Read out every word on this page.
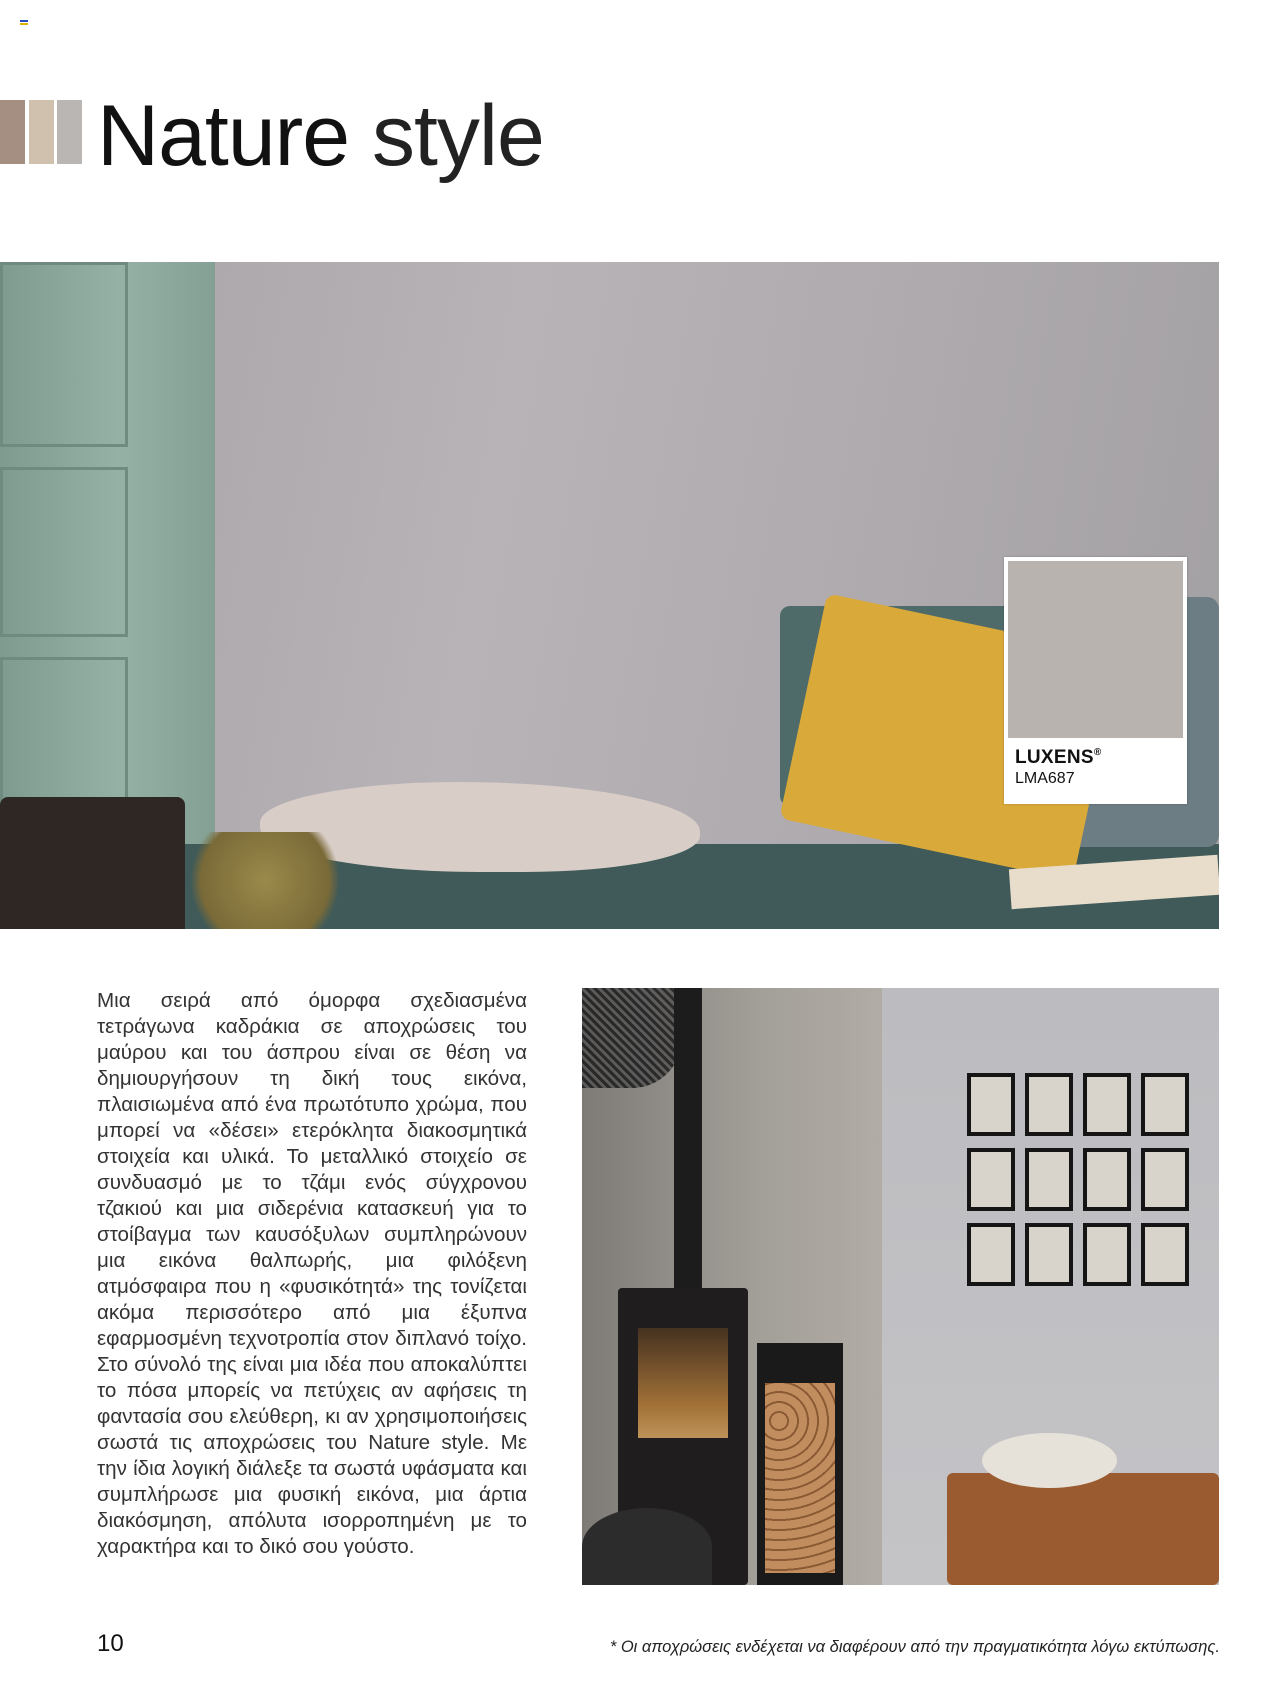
Nature style
LUXENS®
LMA687
Μια σειρά από όμορφα σχεδιασμένα τετράγωνα καδράκια σε αποχρώσεις του μαύρου και του άσπρου είναι σε θέση να δημιουργήσουν τη δική τους εικόνα, πλαισιωμένα από ένα πρωτότυπο χρώμα, που μπορεί να «δέσει» ετερόκλητα διακοσμητικά στοιχεία και υλικά. Το μεταλλικό στοιχείο σε συνδυασμό με το τζάμι ενός σύγχρονου τζακιού και μια σιδερένια κατασκευή για το στοίβαγμα των καυσόξυλων συμπληρώνουν μια εικόνα θαλπωρής, μια φιλόξενη ατμόσφαιρα που η «φυσικότητά» της τονίζεται ακόμα περισσότερο από μια έξυπνα εφαρμοσμένη τεχνοτροπία στον διπλανό τοίχο. Στο σύνολό της είναι μια ιδέα που αποκαλύπτει το πόσα μπορείς να πετύχεις αν αφήσεις τη φαντασία σου ελεύθερη, κι αν χρησιμοποιήσεις σωστά τις αποχρώσεις του Nature style. Με την ίδια λογική διάλεξε τα σωστά υφάσματα και συμπλήρωσε μια φυσική εικόνα, μια άρτια διακόσμηση, απόλυτα ισορροπημένη με το χαρακτήρα και το δικό σου γούστο.
10	* Οι αποχρώσεις ενδέχεται να διαφέρουν από την πραγματικότητα λόγω εκτύπωσης.
